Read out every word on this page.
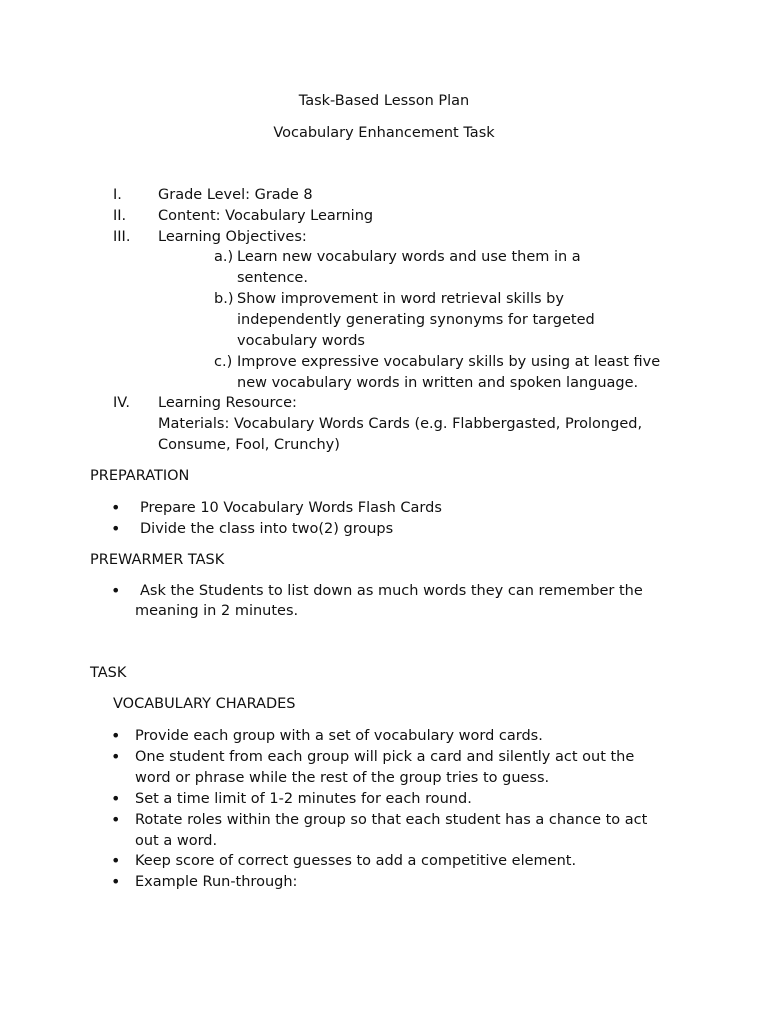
Task-Based Lesson Plan
Vocabulary Enhancement Task
I. Grade Level: Grade 8
II. Content: Vocabulary Learning
III. Learning Objectives:
a.) Learn new vocabulary words and use them in a
sentence.
b.) Show improvement in word retrieval skills by
independently generating synonyms for targeted
vocabulary words
c.) Improve expressive vocabulary skills by using at least five
new vocabulary words in written and spoken language.
IV. Learning Resource:
Materials: Vocabulary Words Cards (e.g. Flabbergasted, Prolonged,
Consume, Fool, Crunchy)
PREPARATION
• Prepare 10 Vocabulary Words Flash Cards
• Divide the class into two(2) groups
PREWARMER TASK
• Ask the Students to list down as much words they can remember the
meaning in 2 minutes.
TASK
VOCABULARY CHARADES
• Provide each group with a set of vocabulary word cards.
• One student from each group will pick a card and silently act out the
word or phrase while the rest of the group tries to guess.
• Set a time limit of 1-2 minutes for each round.
• Rotate roles within the group so that each student has a chance to act
out a word.
• Keep score of correct guesses to add a competitive element.
• Example Run-through:
